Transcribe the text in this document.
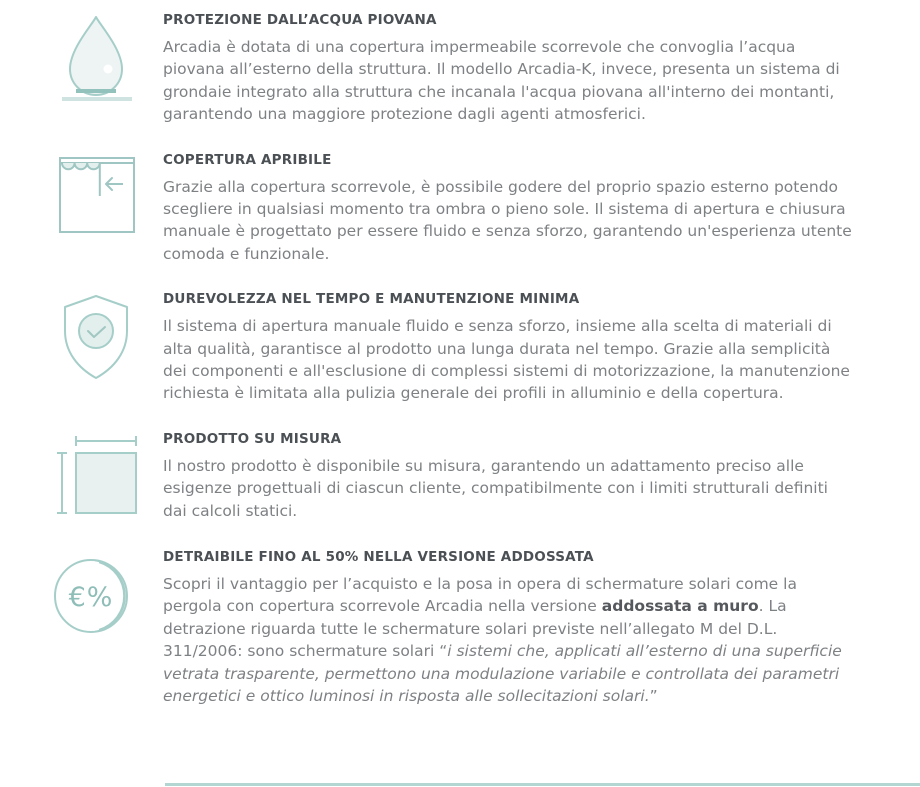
PROTEZIONE DALL’ACQUA PIOVANA

Arcadia è dotata di una copertura impermeabile scorrevole che convoglia l’acqua piovana all’esterno della struttura. Il modello Arcadia-K, invece, presenta un sistema di grondaie integrato alla struttura che incanala l'acqua piovana all'interno dei montanti, garantendo una maggiore protezione dagli agenti atmosferici.

COPERTURA APRIBILE

Grazie alla copertura scorrevole, è possibile godere del proprio spazio esterno potendo scegliere in qualsiasi momento tra ombra o pieno sole. Il sistema di apertura e chiusura manuale è progettato per essere fluido e senza sforzo, garantendo un'esperienza utente comoda e funzionale.

DUREVOLEZZA NEL TEMPO E MANUTENZIONE MINIMA

Il sistema di apertura manuale fluido e senza sforzo, insieme alla scelta di materiali di alta qualità, garantisce al prodotto una lunga durata nel tempo. Grazie alla semplicità dei componenti e all'esclusione di complessi sistemi di motorizzazione, la manutenzione richiesta è limitata alla pulizia generale dei profili in alluminio e della copertura.

PRODOTTO SU MISURA

Il nostro prodotto è disponibile su misura, garantendo un adattamento preciso alle esigenze progettuali di ciascun cliente, compatibilmente con i limiti strutturali definiti dai calcoli statici.

€%
DETRAIBILE FINO AL 50% NELLA VERSIONE ADDOSSATA

Scopri il vantaggio per l’acquisto e la posa in opera di schermature solari come la pergola con copertura scorrevole Arcadia nella versione addossata a muro. La detrazione riguarda tutte le schermature solari previste nell’allegato M del D.L. 311/2006: sono schermature solari “i sistemi che, applicati all’esterno di una superficie vetrata trasparente, permettono una modulazione variabile e controllata dei parametri energetici e ottico luminosi in risposta alle sollecitazioni solari.”
